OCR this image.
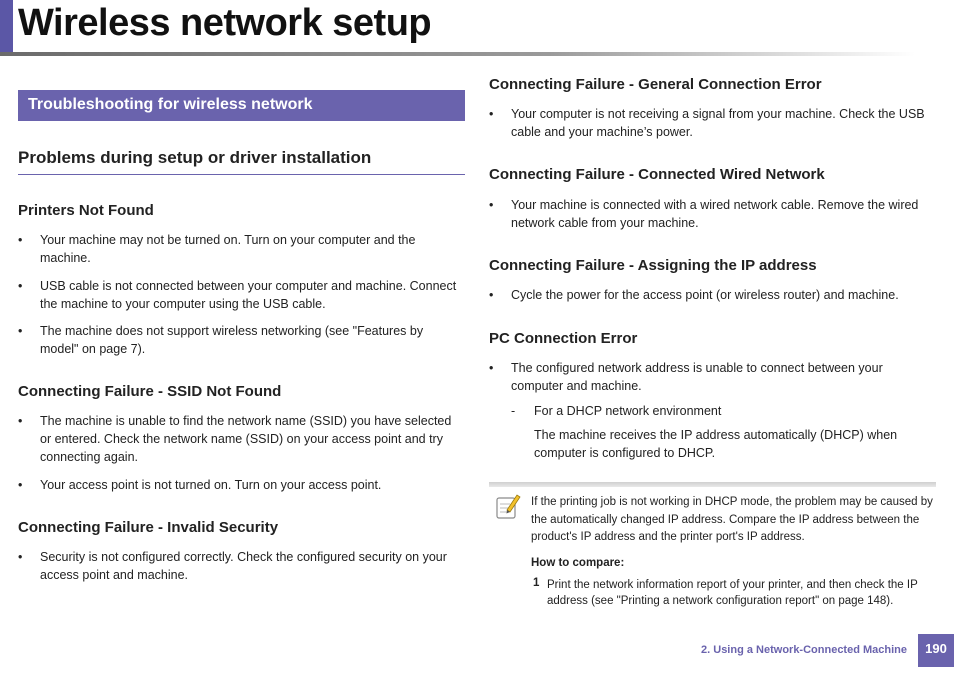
Wireless network setup
Troubleshooting for wireless network
Problems during setup or driver installation
Printers Not Found
• Your machine may not be turned on. Turn on your computer and the machine.
• USB cable is not connected between your computer and machine. Connect the machine to your computer using the USB cable.
• The machine does not support wireless networking (see "Features by model" on page 7).
Connecting Failure - SSID Not Found
• The machine is unable to find the network name (SSID) you have selected or entered. Check the network name (SSID) on your access point and try connecting again.
• Your access point is not turned on. Turn on your access point.
Connecting Failure - Invalid Security
• Security is not configured correctly. Check the configured security on your access point and machine.
Connecting Failure - General Connection Error
• Your computer is not receiving a signal from your machine. Check the USB cable and your machine’s power.
Connecting Failure - Connected Wired Network
• Your machine is connected with a wired network cable. Remove the wired network cable from your machine.
Connecting Failure - Assigning the IP address
• Cycle the power for the access point (or wireless router) and machine.
PC Connection Error
• The configured network address is unable to connect between your computer and machine.
- For a DHCP network environment
The machine receives the IP address automatically (DHCP) when computer is configured to DHCP.
If the printing job is not working in DHCP mode, the problem may be caused by the automatically changed IP address. Compare the IP address between the product's IP address and the printer port's IP address.
How to compare:
1 Print the network information report of your printer, and then check the IP address (see "Printing a network configuration report" on page 148).
2. Using a Network-Connected Machine	190
